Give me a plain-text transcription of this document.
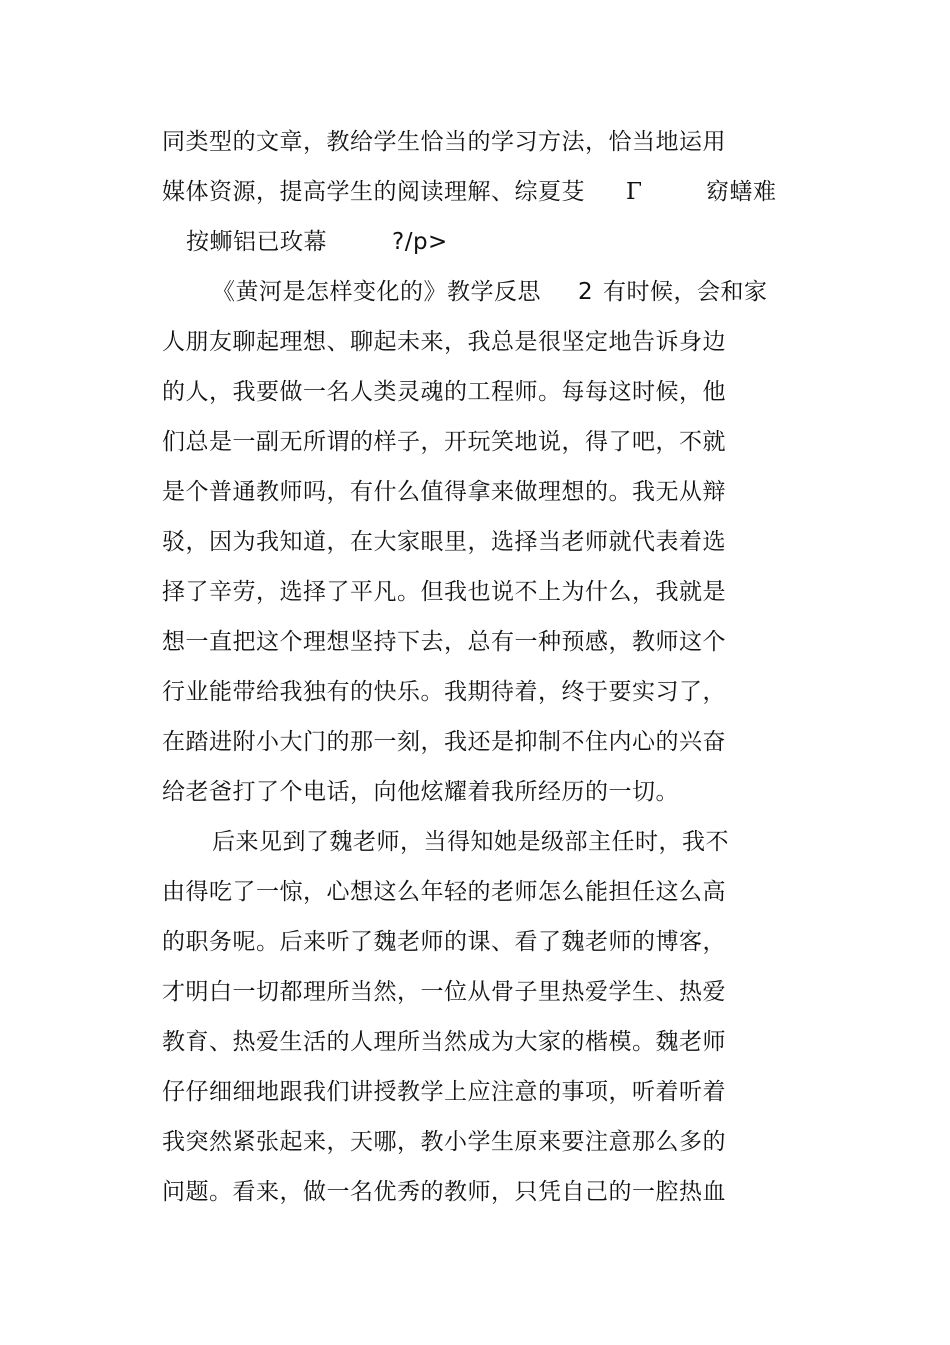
同类型的文章，教给学生恰当的学习方法，恰当地运用
媒体资源，提高学生的阅读理解、综夏芟 Γ	窈蟮难
按蛳铝已玫幕	?/p>
《黄河是怎样变化的》教学反思 2 有时候，会和家
人朋友聊起理想、聊起未来，我总是很坚定地告诉身边
的人，我要做一名人类灵魂的工程师。每每这时候，他
们总是一副无所谓的样子，开玩笑地说，得了吧，不就
是个普通教师吗，有什么值得拿来做理想的。我无从辩
驳，因为我知道，在大家眼里，选择当老师就代表着选
择了辛劳，选择了平凡。但我也说不上为什么，我就是
想一直把这个理想坚持下去，总有一种预感，教师这个
行业能带给我独有的快乐。我期待着，终于要实习了，
在踏进附小大门的那一刻，我还是抑制不住内心的兴奋
给老爸打了个电话，向他炫耀着我所经历的一切。
后来见到了魏老师，当得知她是级部主任时，我不
由得吃了一惊，心想这么年轻的老师怎么能担任这么高
的职务呢。后来听了魏老师的课、看了魏老师的博客，
才明白一切都理所当然，一位从骨子里热爱学生、热爱
教育、热爱生活的人理所当然成为大家的楷模。魏老师
仔仔细细地跟我们讲授教学上应注意的事项，听着听着
我突然紧张起来，天哪，教小学生原来要注意那么多的
问题。看来，做一名优秀的教师，只凭自己的一腔热血
